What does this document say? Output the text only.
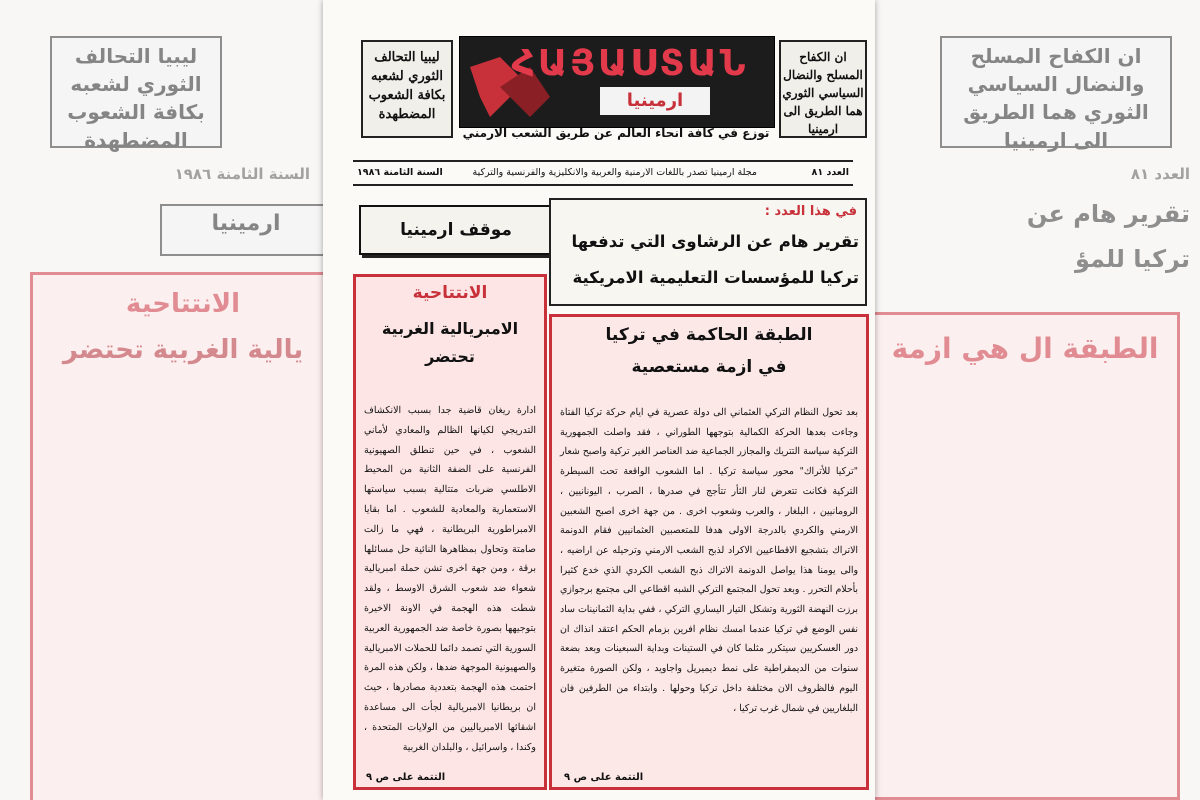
ليبيا التحالف الثوري لشعبه بكافة الشعوب المضطهدة
السنة الثامنة ١٩٨٦
ارمينيا
الانتتاحية
يالية الغربية تحتضر
ان الكفاح المسلح والنضال السياسي الثوري هما الطريق الى ارمينيا
العدد ٨١
تقرير هام عن
تركيا للمؤ
الطبقة ال هي ازمة
ان الكفاح المسلح والنضال السياسي الثوري هما الطريق الى ارمينيا
ՀԱՅԱՍՏԱՆ
ارمينيا
ليبيا التحالف الثوري لشعبه بكافة الشعوب المضطهدة
توزع في كافة انحاء العالم عن طريق الشعب الارمني
العدد ٨١
مجلة ارمينيا تصدر باللغات الارمنية والعربية والانكليزية والفرنسية والتركية
السنة الثامنة ١٩٨٦
موقف ارمينيا
في هذا العدد :
تقرير هام عن الرشاوى التي تدفعها
تركيا للمؤسسات التعليمية الامريكية
الانتتاحية
الامبريالية الغربية
تحتضر
ادارة ريغان قاضية جدا بسبب الانكشاف التدريجي لكيانها الظالم والمعادي لأماني الشعوب ، في حين تنطلق الصهيونية الفرنسية على الضفة الثانية من المحيط الاطلسي ضربات متتالية بسبب سياستها الاستعمارية والمعادية للشعوب . اما بقايا الامبراطورية البريطانية ، فهي ما زالت صامتة وتحاول بمظاهرها النائية حل مسائلها برقة ، ومن جهة اخرى تشن حملة امبريالية شعواء ضد شعوب الشرق الاوسط ، ولقد شطت هذه الهجمة في الاونة الاخيرة بتوجيهها بصورة خاصة ضد الجمهورية العربية السورية التي تصمد دائما للحملات الامبريالية والصهيونية الموجهة ضدها ، ولكن هذه المرة احتمت هذه الهجمة بتعددية مصادرها ، حيث ان بريطانيا الامبريالية لجأت الى مساعدة اشقائها الامبرياليين من الولايات المتحدة ، وكندا ، واسرائيل ، والبلدان الغربية
التتمة على ص ٩
الطبقة الحاكمة في تركيا
في ازمة مستعصية
بعد تحول النظام التركي العثماني الى دولة عصرية في ايام حركة تركيا الفتاة وجاءت بعدها الحركة الكمالية بتوجهها الطوراني ، فقد واصلت الجمهورية التركية سياسة التتريك والمجازر الجماعية ضد العناصر الغير تركية واصبح شعار "تركيا للأتراك" محور سياسة تركيا . اما الشعوب الواقعة تحت السيطرة التركية فكانت تتعرض لنار الثأر تتأجج في صدرها ، الصرب ، اليونانيين ، الرومانيين ، البلغار ، والعرب وشعوب اخرى . من جهة اخرى اصبح الشعبين الارمني والكردي بالدرجة الاولى هدفا للمتعصبين العثمانيين فقام الدونمة الاتراك بتشجيع الاقطاعيين الاكراد لذبح الشعب الارمني وترحيله عن اراضيه ، والى يومنا هذا يواصل الدونمة الاتراك ذبح الشعب الكردي الذي خدع كثيرا بأحلام التحرر . وبعد تحول المجتمع التركي الشبه اقطاعي الى مجتمع برجوازي برزت النهضة الثورية وتشكل التيار اليساري التركي ، ففي بداية الثمانينات ساد نفس الوضع في تركيا عندما امسك نظام افرين بزمام الحكم اعتقد انذاك ان دور العسكريين سيتكرر مثلما كان في الستينات وبداية السبعينات وبعد بضعة سنوات من الديمقراطية على نمط ديميريل واجاويد ، ولكن الصورة متغيرة اليوم فالظروف الان مختلفة داخل تركيا وحولها . وابتداء من الطرفين فان البلغاريين في شمال غرب تركيا ،
التتمة على ص ٩
